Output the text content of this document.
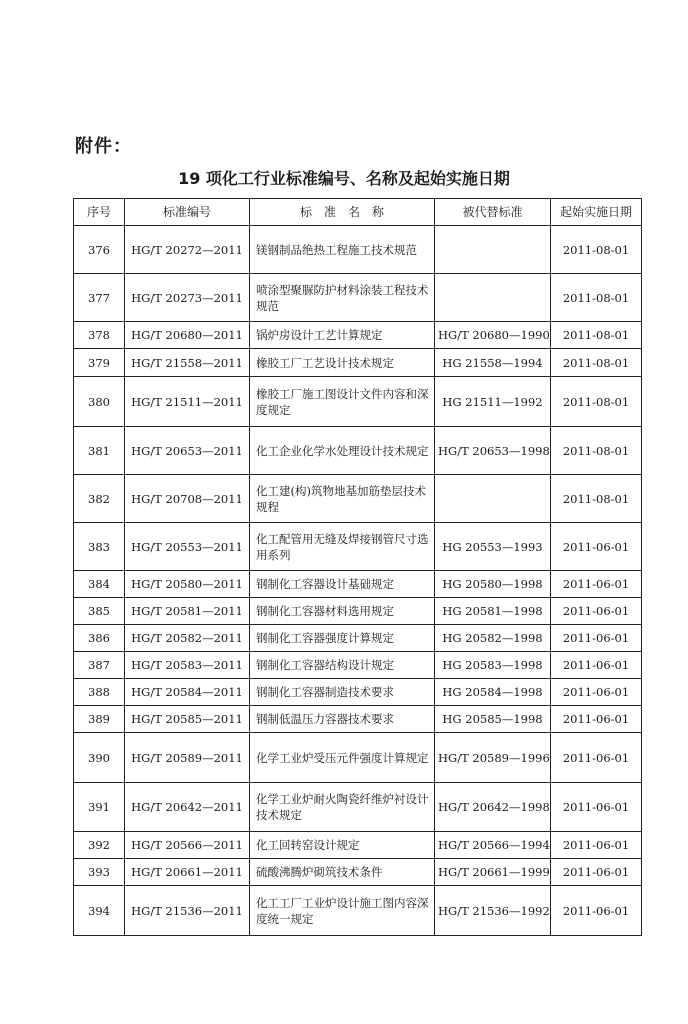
附件：
19 项化工行业标准编号、名称及起始实施日期
序号	标准编号	标　准　名　称	被代替标准	起始实施日期
376	HG/T 20272—2011	镁钢制品绝热工程施工技术规范		2011-08-01
377	HG/T 20273—2011	喷涂型聚脲防护材料涂装工程技术规范		2011-08-01
378	HG/T 20680—2011	锅炉房设计工艺计算规定	HG/T 20680—1990	2011-08-01
379	HG/T 21558—2011	橡胶工厂工艺设计技术规定	HG 21558—1994	2011-08-01
380	HG/T 21511—2011	橡胶工厂施工图设计文件内容和深度规定	HG 21511—1992	2011-08-01
381	HG/T 20653—2011	化工企业化学水处理设计技术规定	HG/T 20653—1998	2011-08-01
382	HG/T 20708—2011	化工建(构)筑物地基加筋垫层技术规程		2011-08-01
383	HG/T 20553—2011	化工配管用无缝及焊接钢管尺寸选用系列	HG 20553—1993	2011-06-01
384	HG/T 20580—2011	钢制化工容器设计基础规定	HG 20580—1998	2011-06-01
385	HG/T 20581—2011	钢制化工容器材料选用规定	HG 20581—1998	2011-06-01
386	HG/T 20582—2011	钢制化工容器强度计算规定	HG 20582—1998	2011-06-01
387	HG/T 20583—2011	钢制化工容器结构设计规定	HG 20583—1998	2011-06-01
388	HG/T 20584—2011	钢制化工容器制造技术要求	HG 20584—1998	2011-06-01
389	HG/T 20585—2011	钢制低温压力容器技术要求	HG 20585—1998	2011-06-01
390	HG/T 20589—2011	化学工业炉受压元件强度计算规定	HG/T 20589—1996	2011-06-01
391	HG/T 20642—2011	化学工业炉耐火陶瓷纤维炉衬设计技术规定	HG/T 20642—1998	2011-06-01
392	HG/T 20566—2011	化工回转窑设计规定	HG/T 20566—1994	2011-06-01
393	HG/T 20661—2011	硫酸沸腾炉砌筑技术条件	HG/T 20661—1999	2011-06-01
394	HG/T 21536—2011	化工工厂工业炉设计施工图内容深度统一规定	HG/T 21536—1992	2011-06-01
